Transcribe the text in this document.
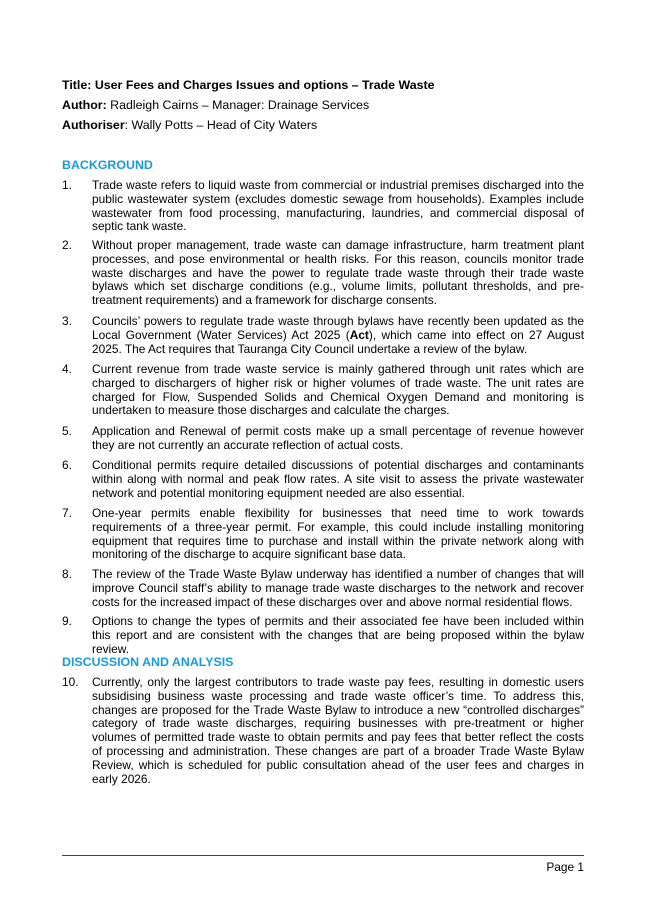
Title: User Fees and Charges Issues and options – Trade Waste
Author: Radleigh Cairns – Manager: Drainage Services
Authoriser: Wally Potts – Head of City Waters
BACKGROUND
1.	Trade waste refers to liquid waste from commercial or industrial premises discharged into the public wastewater system (excludes domestic sewage from households). Examples include wastewater from food processing, manufacturing, laundries, and commercial disposal of septic tank waste.
2.	Without proper management, trade waste can damage infrastructure, harm treatment plant processes, and pose environmental or health risks. For this reason, councils monitor trade waste discharges and have the power to regulate trade waste through their trade waste bylaws which set discharge conditions (e.g., volume limits, pollutant thresholds, and pre-treatment requirements) and a framework for discharge consents.
3.	Councils’ powers to regulate trade waste through bylaws have recently been updated as the Local Government (Water Services) Act 2025 (Act), which came into effect on 27 August 2025. The Act requires that Tauranga City Council undertake a review of the bylaw.
4.	Current revenue from trade waste service is mainly gathered through unit rates which are charged to dischargers of higher risk or higher volumes of trade waste. The unit rates are charged for Flow, Suspended Solids and Chemical Oxygen Demand and monitoring is undertaken to measure those discharges and calculate the charges.
5.	Application and Renewal of permit costs make up a small percentage of revenue however they are not currently an accurate reflection of actual costs.
6.	Conditional permits require detailed discussions of potential discharges and contaminants within along with normal and peak flow rates. A site visit to assess the private wastewater network and potential monitoring equipment needed are also essential.
7.	One-year permits enable flexibility for businesses that need time to work towards requirements of a three-year permit. For example, this could include installing monitoring equipment that requires time to purchase and install within the private network along with monitoring of the discharge to acquire significant base data.
8.	The review of the Trade Waste Bylaw underway has identified a number of changes that will improve Council staff’s ability to manage trade waste discharges to the network and recover costs for the increased impact of these discharges over and above normal residential flows.
9.	Options to change the types of permits and their associated fee have been included within this report and are consistent with the changes that are being proposed within the bylaw review.
DISCUSSION AND ANALYSIS
10.	Currently, only the largest contributors to trade waste pay fees, resulting in domestic users subsidising business waste processing and trade waste officer’s time. To address this, changes are proposed for the Trade Waste Bylaw to introduce a new “controlled discharges” category of trade waste discharges, requiring businesses with pre-treatment or higher volumes of permitted trade waste to obtain permits and pay fees that better reflect the costs of processing and administration. These changes are part of a broader Trade Waste Bylaw Review, which is scheduled for public consultation ahead of the user fees and charges in early 2026.
Page 1
